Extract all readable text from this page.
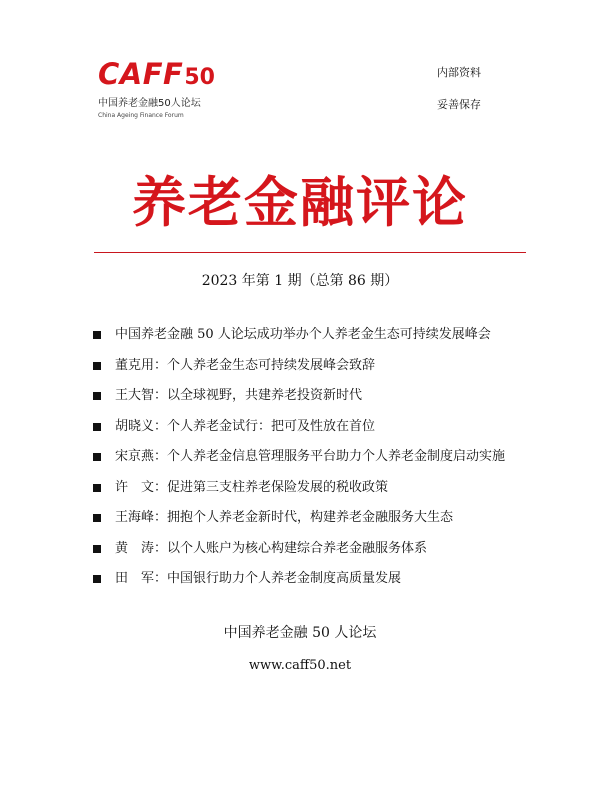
CAFF50
中国养老金融50人论坛
China Ageing Finance Forum
内部资料
妥善保存
养老金融评论
2023 年第 1 期（总第 86 期）
中国养老金融 50 人论坛成功举办个人养老金生态可持续发展峰会
董克用：个人养老金生态可持续发展峰会致辞
王大智：以全球视野，共建养老投资新时代
胡晓义：个人养老金试行：把可及性放在首位
宋京燕：个人养老金信息管理服务平台助力个人养老金制度启动实施
许　文：促进第三支柱养老保险发展的税收政策
王海峰：拥抱个人养老金新时代，构建养老金融服务大生态
黄　涛：以个人账户为核心构建综合养老金融服务体系
田　军：中国银行助力个人养老金制度高质量发展
中国养老金融 50 人论坛
www.caff50.net
